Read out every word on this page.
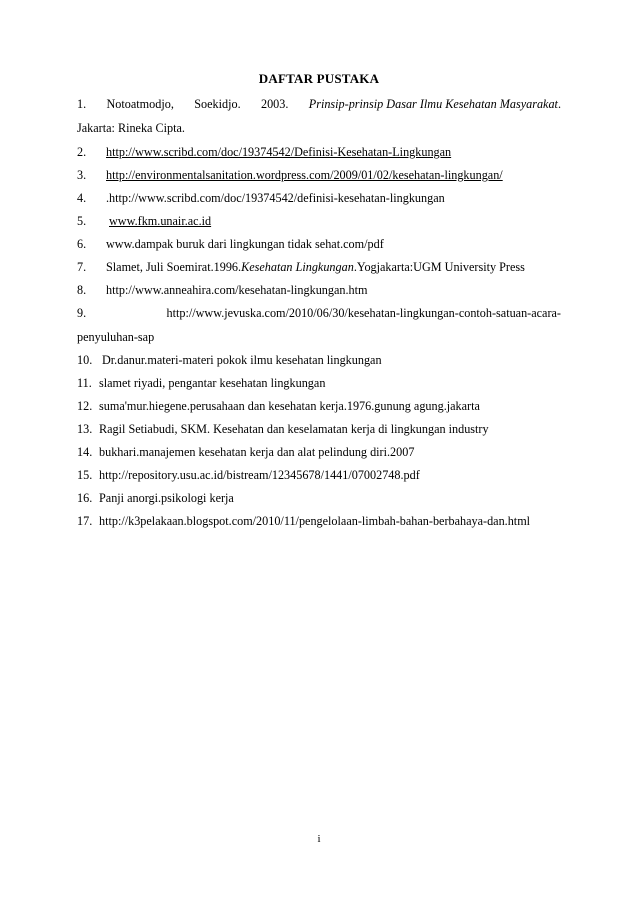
DAFTAR PUSTAKA
1. Notoatmodjo, Soekidjo. 2003. Prinsip-prinsip Dasar Ilmu Kesehatan Masyarakat.
Jakarta: Rineka Cipta.
2. http://www.scribd.com/doc/19374542/Definisi-Kesehatan-Lingkungan
3. http://environmentalsanitation.wordpress.com/2009/01/02/kesehatan-lingkungan/
4. .http://www.scribd.com/doc/19374542/definisi-kesehatan-lingkungan
5. www.fkm.unair.ac.id
6. www.dampak buruk dari lingkungan tidak sehat.com/pdf
7. Slamet, Juli Soemirat.1996.Kesehatan Lingkungan.Yogjakarta:UGM University Press
8. http://www.anneahira.com/kesehatan-lingkungan.htm
9.	http://www.jevuska.com/2010/06/30/kesehatan-lingkungan-contoh-satuan-acara-
penyuluhan-sap
10. Dr.danur.materi-materi pokok ilmu kesehatan lingkungan
11. slamet riyadi, pengantar kesehatan lingkungan
12. suma'mur.hiegene.perusahaan dan kesehatan kerja.1976.gunung agung.jakarta
13. Ragil Setiabudi, SKM. Kesehatan dan keselamatan kerja di lingkungan industry
14. bukhari.manajemen kesehatan kerja dan alat pelindung diri.2007
15. http://repository.usu.ac.id/bistream/12345678/1441/07002748.pdf
16. Panji anorgi.psikologi kerja
17. http://k3pelakaan.blogspot.com/2010/11/pengelolaan-limbah-bahan-berbahaya-dan.html
i
